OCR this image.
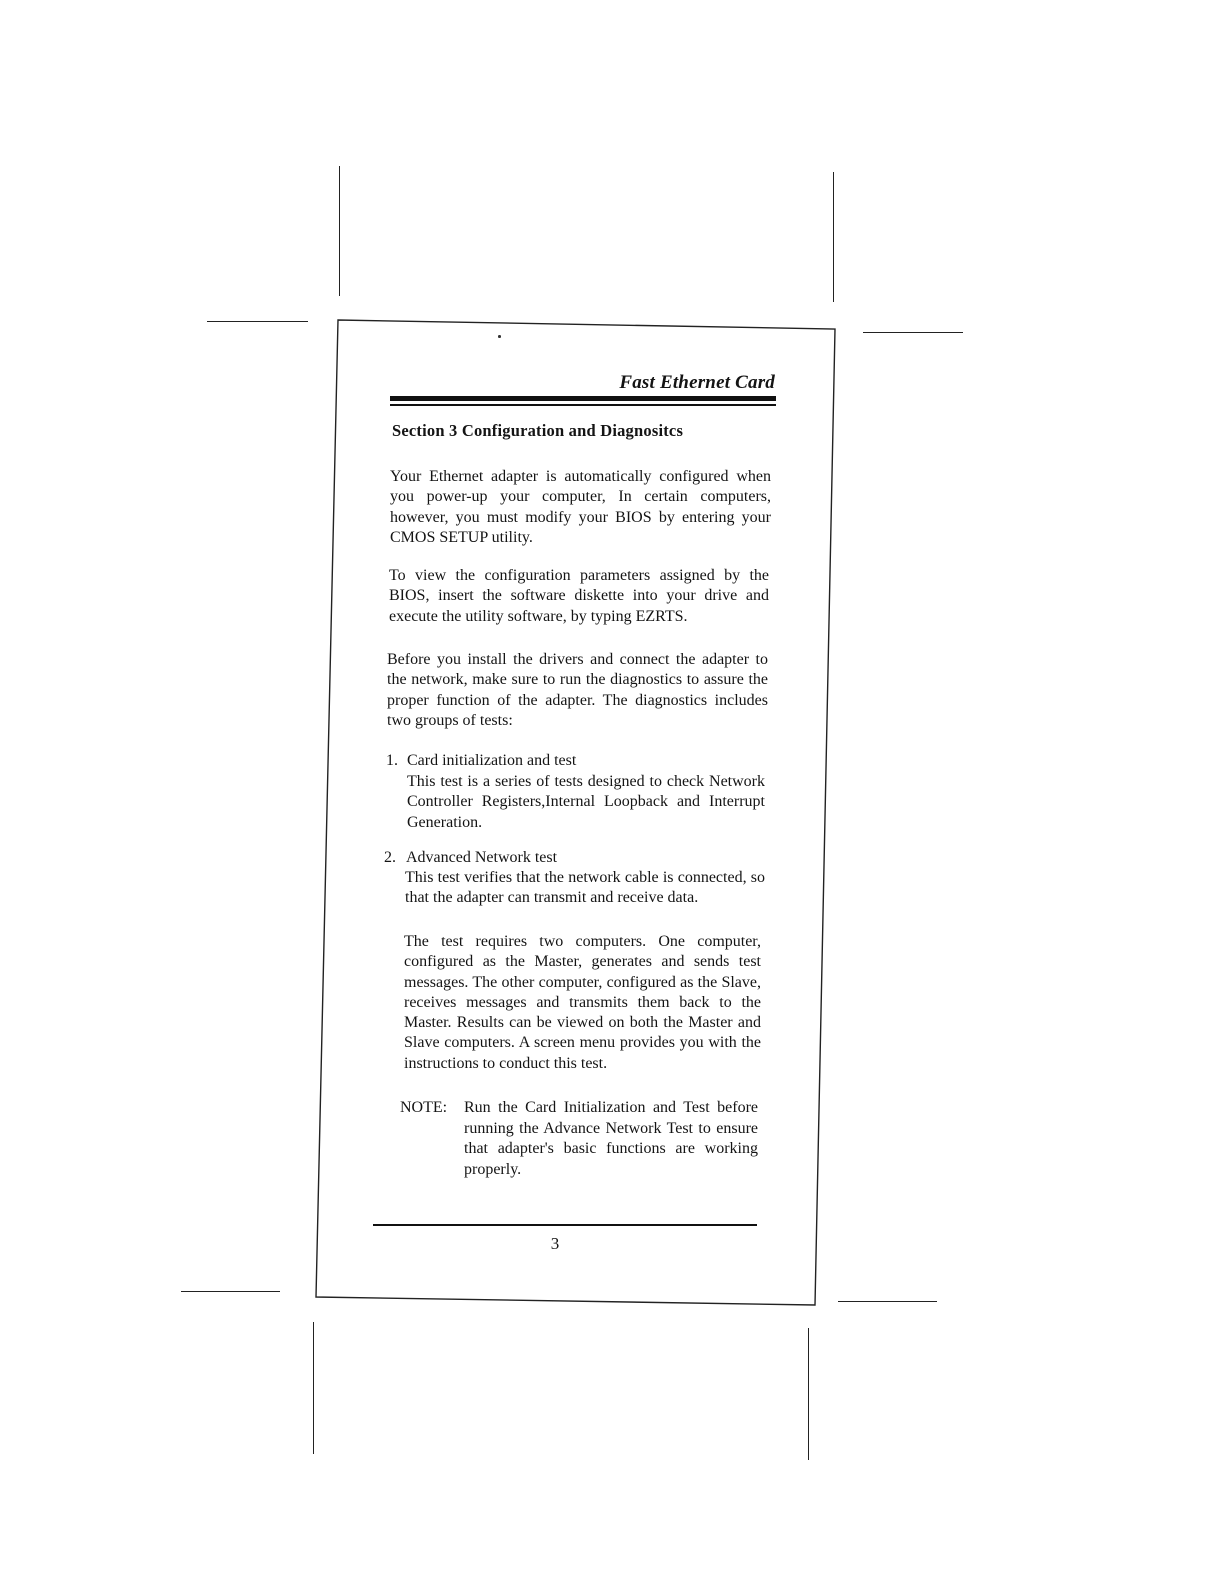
Fast Ethernet Card
Section 3 Configuration and Diagnositcs

Your Ethernet adapter is automatically configured when you power-up your computer, In certain computers, however, you must modify your BIOS by entering your CMOS SETUP utility.

To view the configuration parameters assigned by the BIOS, insert the software diskette into your drive and execute the utility software, by typing EZRTS.

Before you install the drivers and connect the adapter to the network, make sure to run the diagnostics to assure the proper function of the adapter. The diagnostics includes two groups of tests:

1. Card initialization and test

This test is a series of tests designed to check Network Controller Registers,Internal Loopback and Interrupt Generation.

2. Advanced Network test

This test verifies that the network cable is connected, so that the adapter can transmit and receive data.

The test requires two computers. One computer, configured as the Master, generates and sends test messages. The other computer, configured as the Slave, receives messages and transmits them back to the Master. Results can be viewed on both the Master and Slave computers. A screen menu provides you with the instructions to conduct this test.

NOTE: Run the Card Initialization and Test before running the Advance Network Test to ensure that adapter's basic functions are working properly.

3
